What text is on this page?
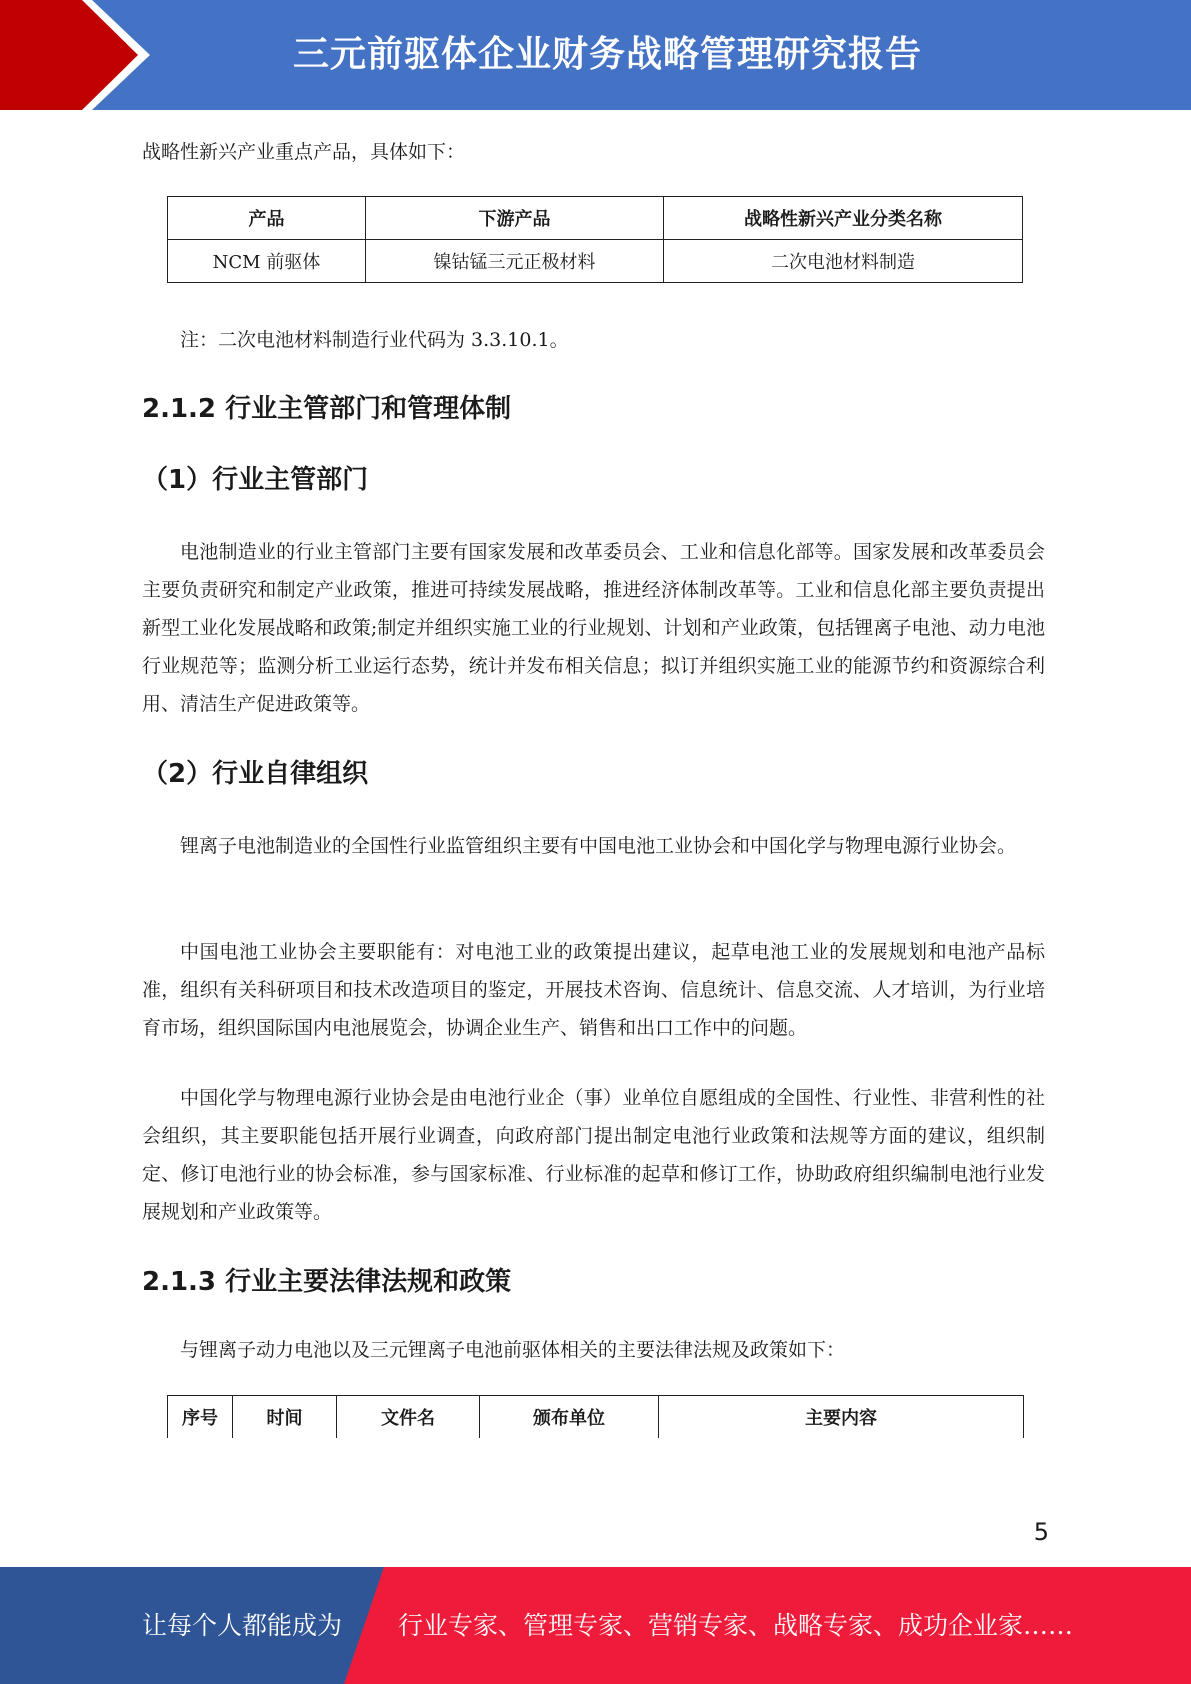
三元前驱体企业财务战略管理研究报告

战略性新兴产业重点产品，具体如下：

产品	下游产品	战略性新兴产业分类名称
NCM 前驱体	镍钴锰三元正极材料	二次电池材料制造

注：二次电池材料制造行业代码为 3.3.10.1。

2.1.2 行业主管部门和管理体制
（1）行业主管部门

电池制造业的行业主管部门主要有国家发展和改革委员会、工业和信息化部等。国家发展和改革委员会主要负责研究和制定产业政策，推进可持续发展战略，推进经济体制改革等。工业和信息化部主要负责提出新型工业化发展战略和政策;制定并组织实施工业的行业规划、计划和产业政策，包括锂离子电池、动力电池行业规范等；监测分析工业运行态势，统计并发布相关信息；拟订并组织实施工业的能源节约和资源综合利用、清洁生产促进政策等。

（2）行业自律组织

锂离子电池制造业的全国性行业监管组织主要有中国电池工业协会和中国化学与物理电源行业协会。

中国电池工业协会主要职能有：对电池工业的政策提出建议，起草电池工业的发展规划和电池产品标准，组织有关科研项目和技术改造项目的鉴定，开展技术咨询、信息统计、信息交流、人才培训，为行业培育市场，组织国际国内电池展览会，协调企业生产、销售和出口工作中的问题。

中国化学与物理电源行业协会是由电池行业企（事）业单位自愿组成的全国性、行业性、非营利性的社会组织，其主要职能包括开展行业调查，向政府部门提出制定电池行业政策和法规等方面的建议，组织制定、修订电池行业的协会标准，参与国家标准、行业标准的起草和修订工作，协助政府组织编制电池行业发展规划和产业政策等。

2.1.3 行业主要法律法规和政策

与锂离子动力电池以及三元锂离子电池前驱体相关的主要法律法规及政策如下：

序号	时间	文件名	颁布单位	主要内容
5
让每个人都能成为 行业专家、管理专家、营销专家、战略专家、成功企业家……
